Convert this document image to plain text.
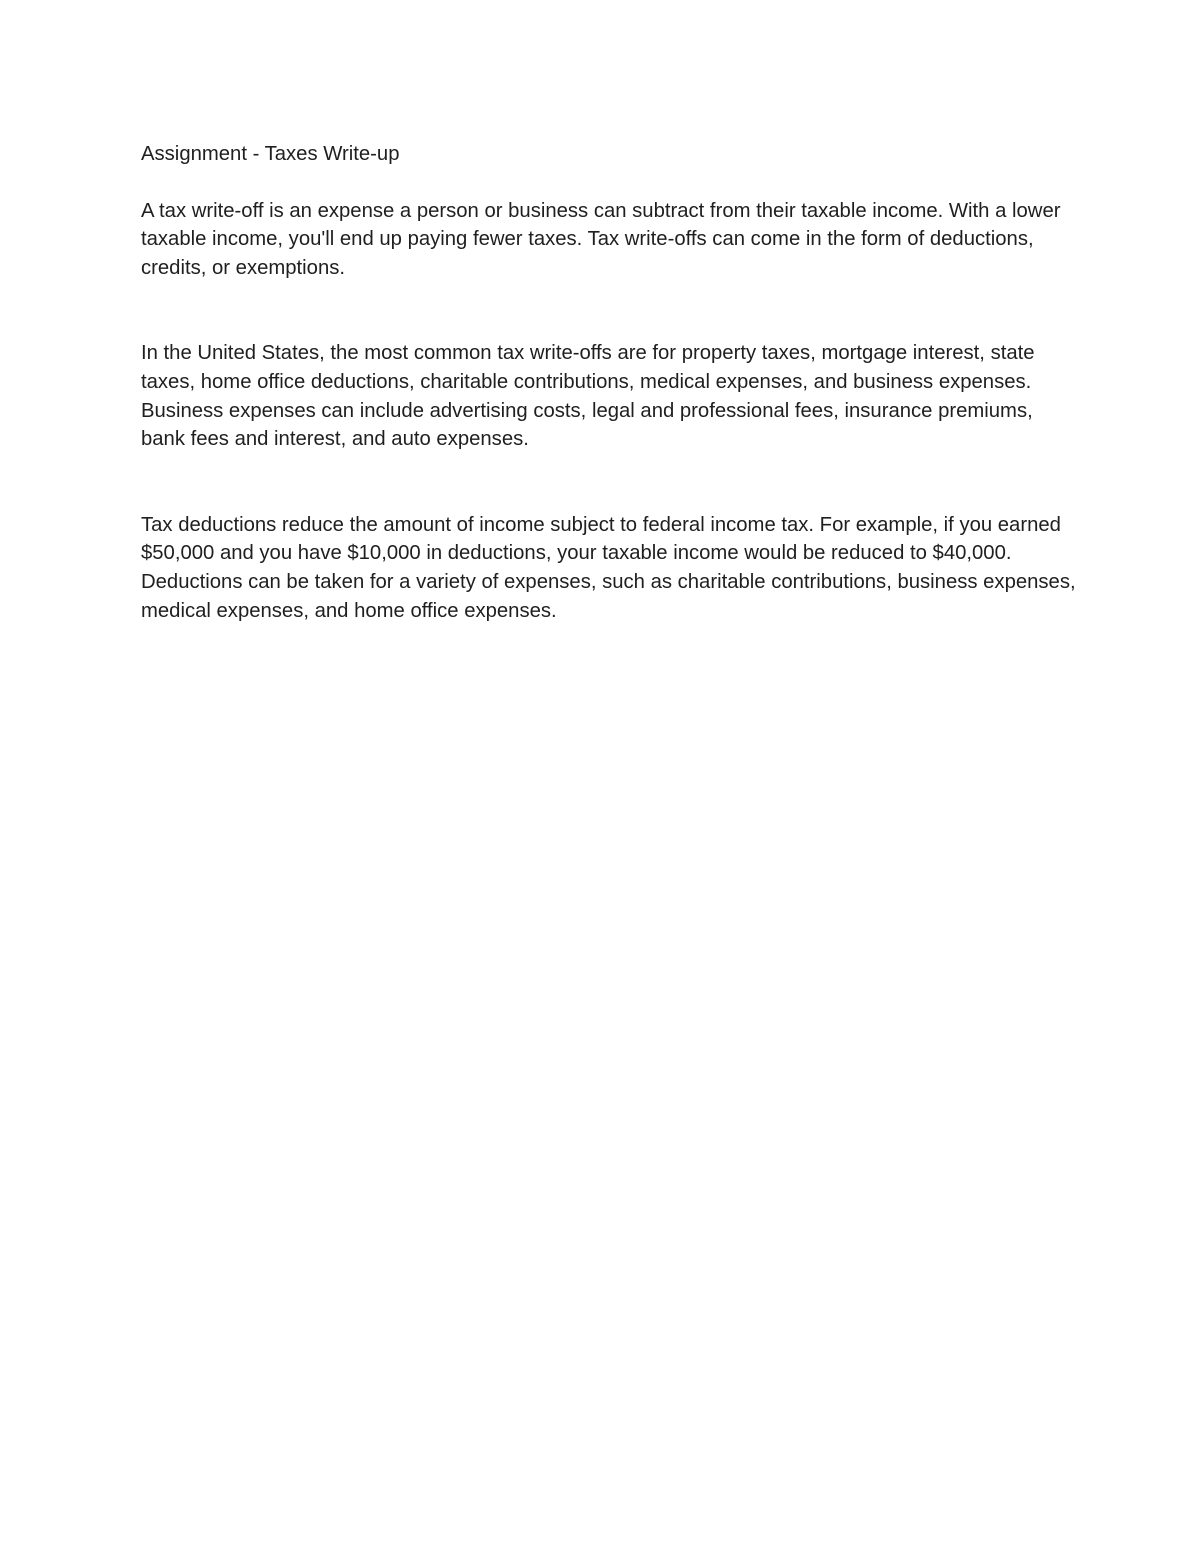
Assignment - Taxes Write-up

A tax write-off is an expense a person or business can subtract from their taxable income. With a lower taxable income, you'll end up paying fewer taxes. Tax write-offs can come in the form of deductions, credits, or exemptions.

In the United States, the most common tax write-offs are for property taxes, mortgage interest, state taxes, home office deductions, charitable contributions, medical expenses, and business expenses. Business expenses can include advertising costs, legal and professional fees, insurance premiums, bank fees and interest, and auto expenses.

Tax deductions reduce the amount of income subject to federal income tax. For example, if you earned $50,000 and you have $10,000 in deductions, your taxable income would be reduced to $40,000. Deductions can be taken for a variety of expenses, such as charitable contributions, business expenses, medical expenses, and home office expenses.
